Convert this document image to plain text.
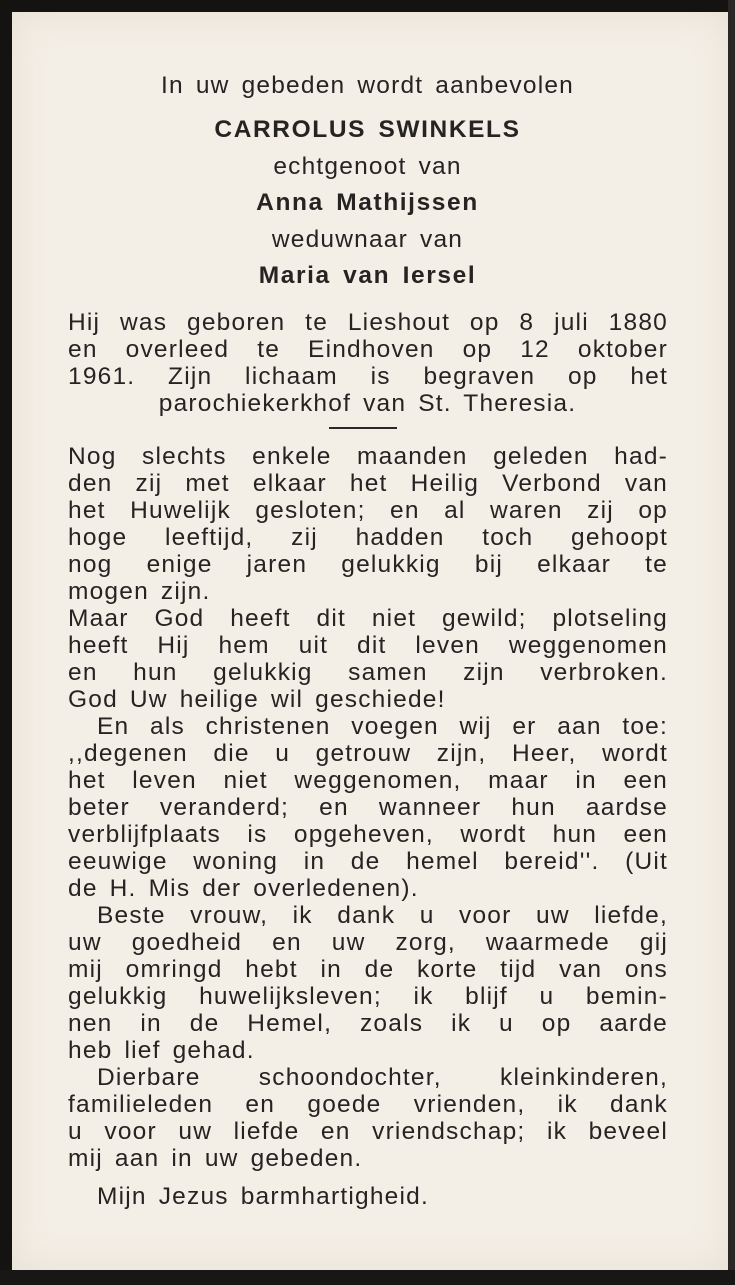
In uw gebeden wordt aanbevolen
CARROLUS SWINKELS
echtgenoot van
Anna Mathijssen
weduwnaar van
Maria van Iersel
Hij was geboren te Lieshout op 8 juli 1880
en overleed te Eindhoven op 12 oktober
1961. Zijn lichaam is begraven op het
parochiekerkhof van St. Theresia.
Nog slechts enkele maanden geleden had-
den zij met elkaar het Heilig Verbond van
het Huwelijk gesloten; en al waren zij op
hoge leeftijd, zij hadden toch gehoopt
nog enige jaren gelukkig bij elkaar te
mogen zijn.
Maar God heeft dit niet gewild; plotseling
heeft Hij hem uit dit leven weggenomen
en hun gelukkig samen zijn verbroken.
God Uw heilige wil geschiede!
En als christenen voegen wij er aan toe:
,,degenen die u getrouw zijn, Heer, wordt
het leven niet weggenomen, maar in een
beter veranderd; en wanneer hun aardse
verblijfplaats is opgeheven, wordt hun een
eeuwige woning in de hemel bereid''. (Uit
de H. Mis der overledenen).
Beste vrouw, ik dank u voor uw liefde,
uw goedheid en uw zorg, waarmede gij
mij omringd hebt in de korte tijd van ons
gelukkig huwelijksleven; ik blijf u bemin-
nen in de Hemel, zoals ik u op aarde
heb lief gehad.
Dierbare schoondochter, kleinkinderen,
familieleden en goede vrienden, ik dank
u voor uw liefde en vriendschap; ik beveel
mij aan in uw gebeden.
Mijn Jezus barmhartigheid.
